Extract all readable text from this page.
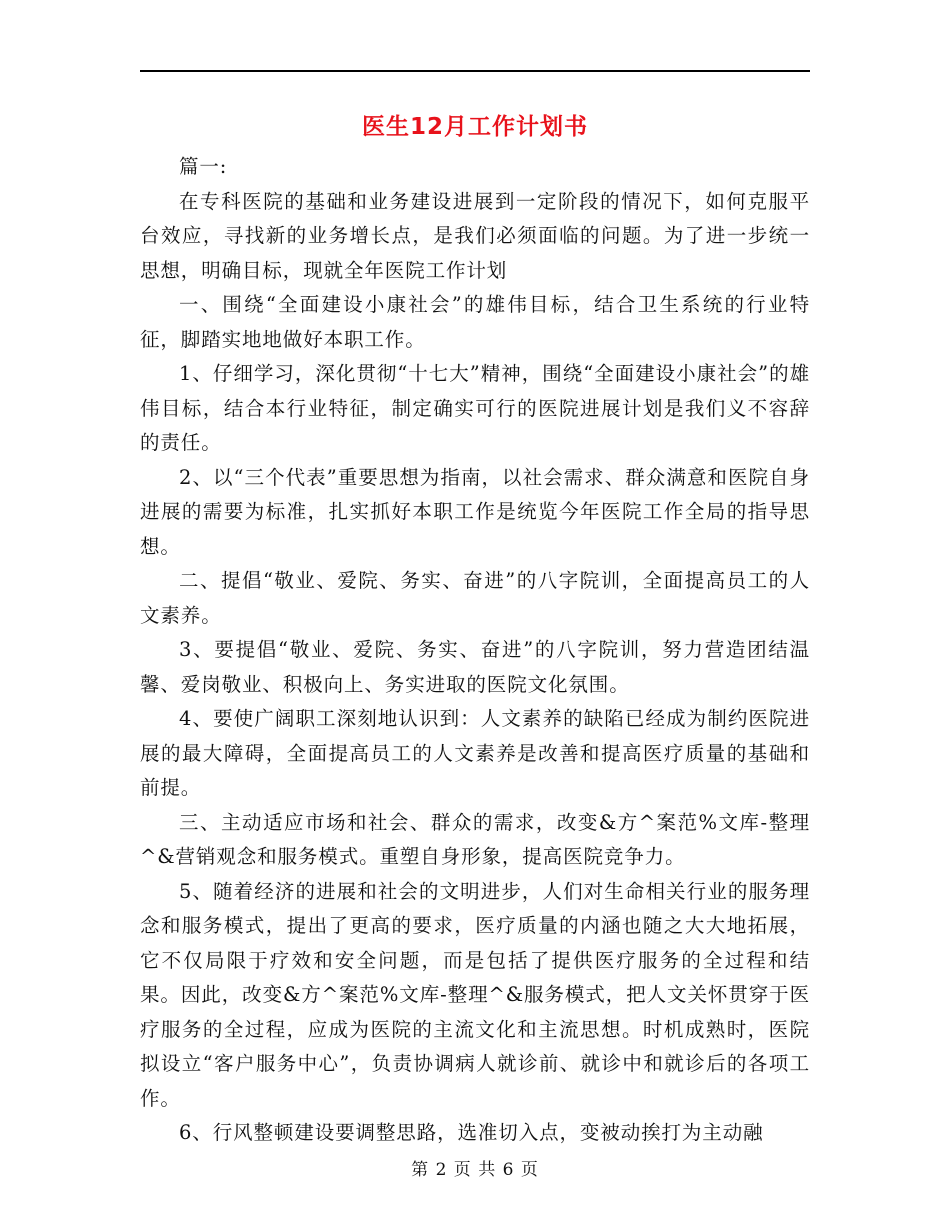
医生12月工作计划书

篇一:

在专科医院的基础和业务建设进展到一定阶段的情况下，如何克服平台效应，寻找新的业务增长点，是我们必须面临的问题。为了进一步统一思想，明确目标，现就全年医院工作计划

一、围绕“全面建设小康社会”的雄伟目标，结合卫生系统的行业特征，脚踏实地地做好本职工作。

1、仔细学习，深化贯彻“十七大”精神，围绕“全面建设小康社会”的雄伟目标，结合本行业特征，制定确实可行的医院进展计划是我们义不容辞的责任。

2、以“三个代表”重要思想为指南，以社会需求、群众满意和医院自身进展的需要为标准，扎实抓好本职工作是统览今年医院工作全局的指导思想。

二、提倡“敬业、爱院、务实、奋进”的八字院训，全面提高员工的人文素养。

3、要提倡“敬业、爱院、务实、奋进”的八字院训，努力营造团结温馨、爱岗敬业、积极向上、务实进取的医院文化氛围。

4、要使广阔职工深刻地认识到：人文素养的缺陷已经成为制约医院进展的最大障碍，全面提高员工的人文素养是改善和提高医疗质量的基础和前提。

三、主动适应市场和社会、群众的需求，改变&方^案范%文库-整理^&营销观念和服务模式。重塑自身形象，提高医院竞争力。

5、随着经济的进展和社会的文明进步，人们对生命相关行业的服务理念和服务模式，提出了更高的要求，医疗质量的内涵也随之大大地拓展，它不仅局限于疗效和安全问题，而是包括了提供医疗服务的全过程和结果。因此，改变&方^案范%文库-整理^&服务模式，把人文关怀贯穿于医疗服务的全过程，应成为医院的主流文化和主流思想。时机成熟时，医院拟设立“客户服务中心”，负责协调病人就诊前、就诊中和就诊后的各项工作。

6、行风整顿建设要调整思路，选准切入点，变被动挨打为主动融

第 2 页 共 6 页
